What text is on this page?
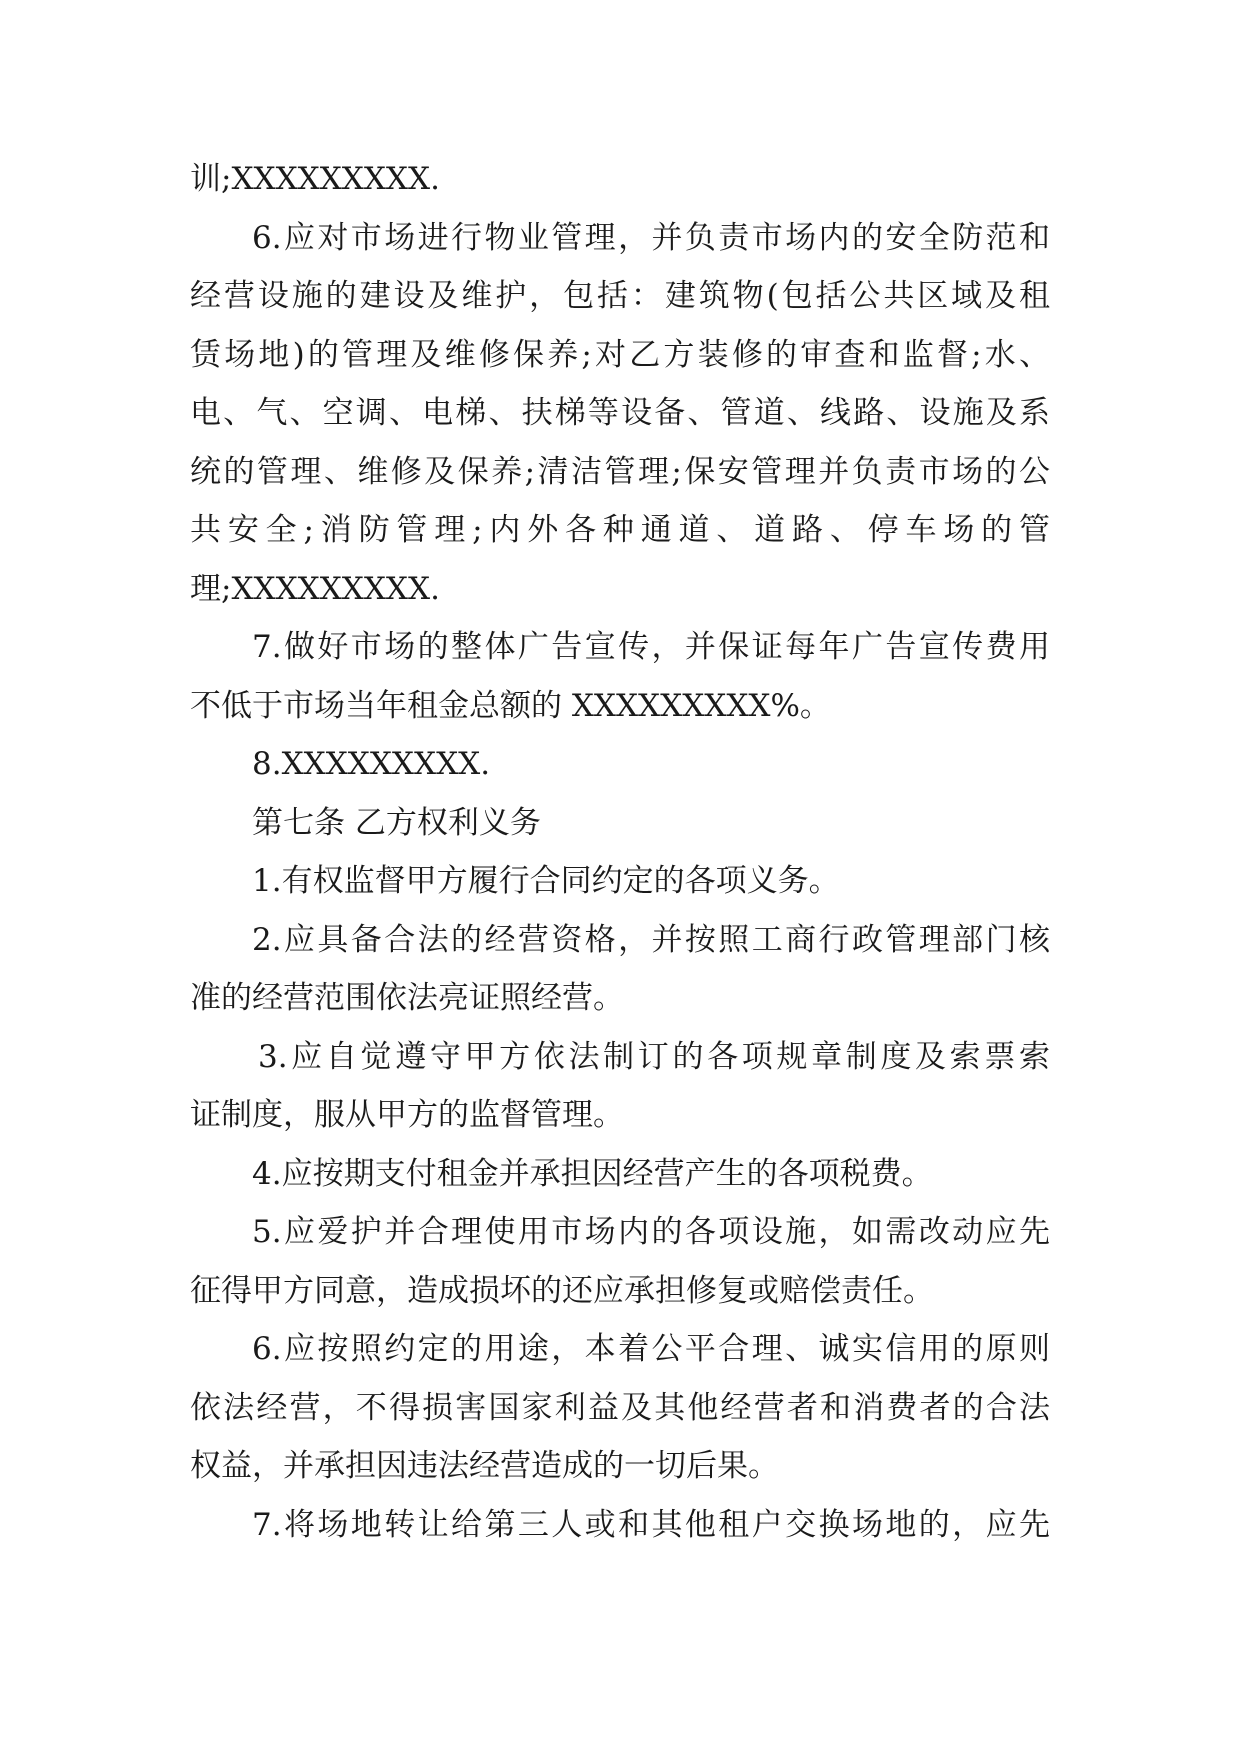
训;XXXXXXXXX.
6.应对市场进行物业管理，并负责市场内的安全防范和
经营设施的建设及维护，包括：建筑物(包括公共区域及租
赁场地)的管理及维修保养;对乙方装修的审查和监督;水、
电、气、空调、电梯、扶梯等设备、管道、线路、设施及系
统的管理、维修及保养;清洁管理;保安管理并负责市场的公
共安全;消防管理;内外各种通道、道路、停车场的管
理;XXXXXXXXX.
7.做好市场的整体广告宣传，并保证每年广告宣传费用
不低于市场当年租金总额的 XXXXXXXXX%。
8.XXXXXXXXX.
第七条 乙方权利义务
1.有权监督甲方履行合同约定的各项义务。
2.应具备合法的经营资格，并按照工商行政管理部门核
准的经营范围依法亮证照经营。
3.应自觉遵守甲方依法制订的各项规章制度及索票索
证制度，服从甲方的监督管理。
4.应按期支付租金并承担因经营产生的各项税费。
5.应爱护并合理使用市场内的各项设施，如需改动应先
征得甲方同意，造成损坏的还应承担修复或赔偿责任。
6.应按照约定的用途，本着公平合理、诚实信用的原则
依法经营，不得损害国家利益及其他经营者和消费者的合法
权益，并承担因违法经营造成的一切后果。
7.将场地转让给第三人或和其他租户交换场地的，应先
